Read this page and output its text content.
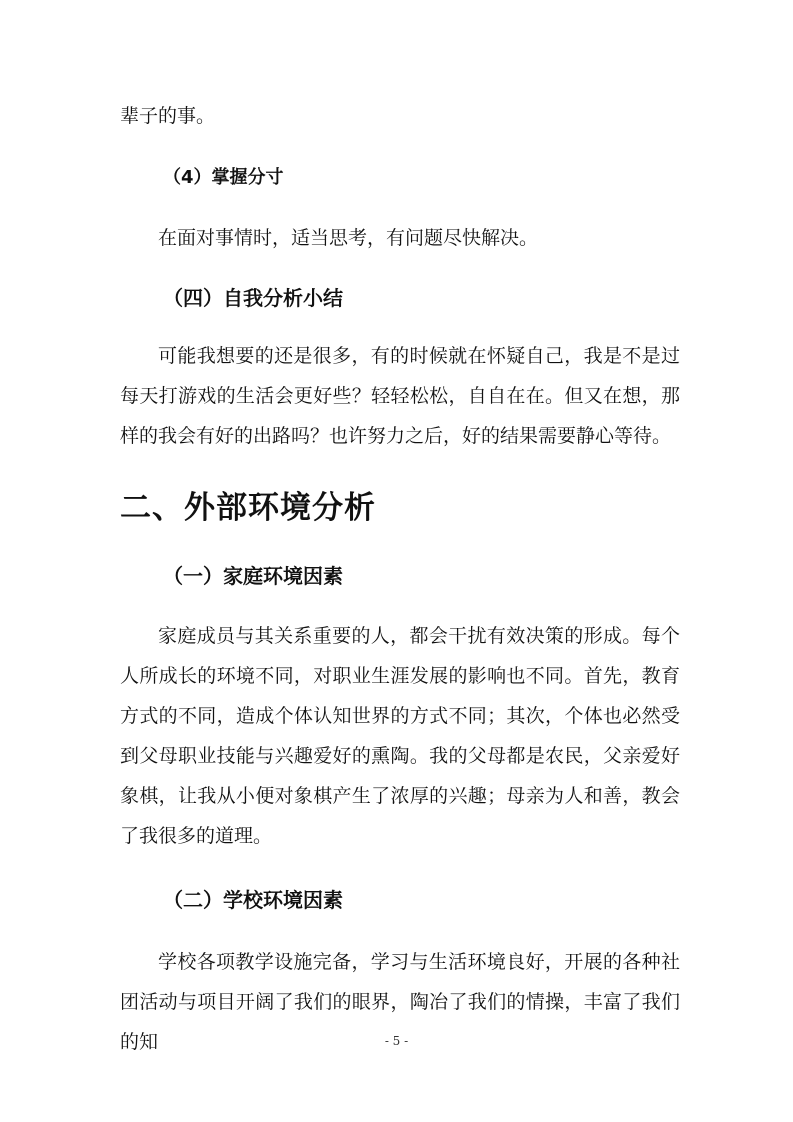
辈子的事。

（4）掌握分寸

在面对事情时，适当思考，有问题尽快解决。

（四）自我分析小结

可能我想要的还是很多，有的时候就在怀疑自己，我是不是过每天打游戏的生活会更好些？轻轻松松，自自在在。但又在想，那样的我会有好的出路吗？也许努力之后，好的结果需要静心等待。

二、外部环境分析
（一）家庭环境因素

家庭成员与其关系重要的人，都会干扰有效决策的形成。每个人所成长的环境不同，对职业生涯发展的影响也不同。首先，教育方式的不同，造成个体认知世界的方式不同；其次，个体也必然受到父母职业技能与兴趣爱好的熏陶。我的父母都是农民，父亲爱好象棋，让我从小便对象棋产生了浓厚的兴趣；母亲为人和善，教会了我很多的道理。

（二）学校环境因素

学校各项教学设施完备，学习与生活环境良好，开展的各种社团活动与项目开阔了我们的眼界，陶冶了我们的情操，丰富了我们的知	- 5 -
